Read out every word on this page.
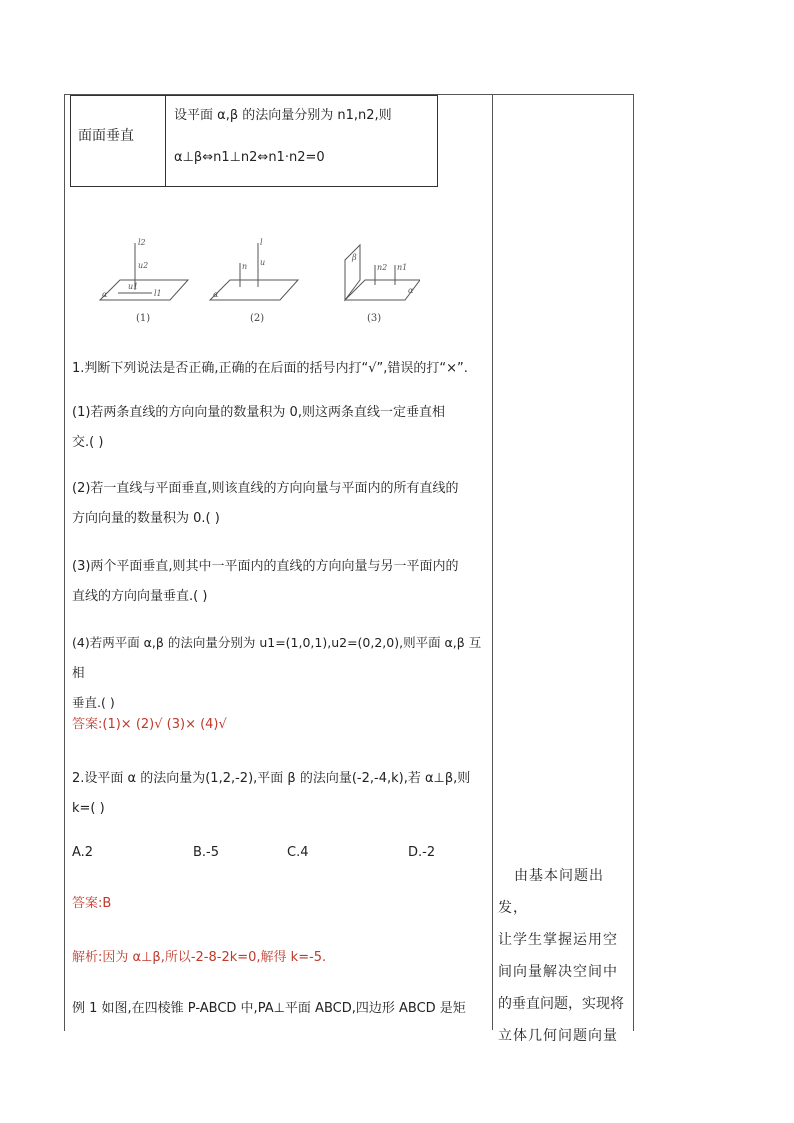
面面垂直
设平面 α,β 的法向量分别为 n1,n2,则
α⊥β⇔n1⊥n2⇔n1·n2=0
α
l2
u2
u1
l1	α
l
n u
β
n2 n1
α
(1)	(2)	(3)
1.判断下列说法是否正确,正确的在后面的括号内打“√”,错误的打“×”.
(1)若两条直线的方向向量的数量积为 0,则这两条直线一定垂直相
交.( )
(2)若一直线与平面垂直,则该直线的方向向量与平面内的所有直线的
方向向量的数量积为 0.( )
(3)两个平面垂直,则其中一平面内的直线的方向向量与另一平面内的
直线的方向向量垂直.( )
(4)若两平面 α,β 的法向量分别为 u1=(1,0,1),u2=(0,2,0),则平面 α,β 互相
垂直.( )
答案:(1)× (2)√ (3)× (4)√
2.设平面 α 的法向量为(1,2,-2),平面 β 的法向量(-2,-4,k),若 α⊥β,则
k=( )
A.2	B.-5	C.4	D.-2
答案:B
解析:因为 α⊥β,所以-2-8-2k=0,解得 k=-5.
例 1 如图,在四棱锥 P-ABCD 中,PA⊥平面 ABCD,四边形 ABCD 是矩
由基本问题出发，
让学生掌握运用空
间向量解决空间中
的垂直问题，实现将
立体几何问题向量
